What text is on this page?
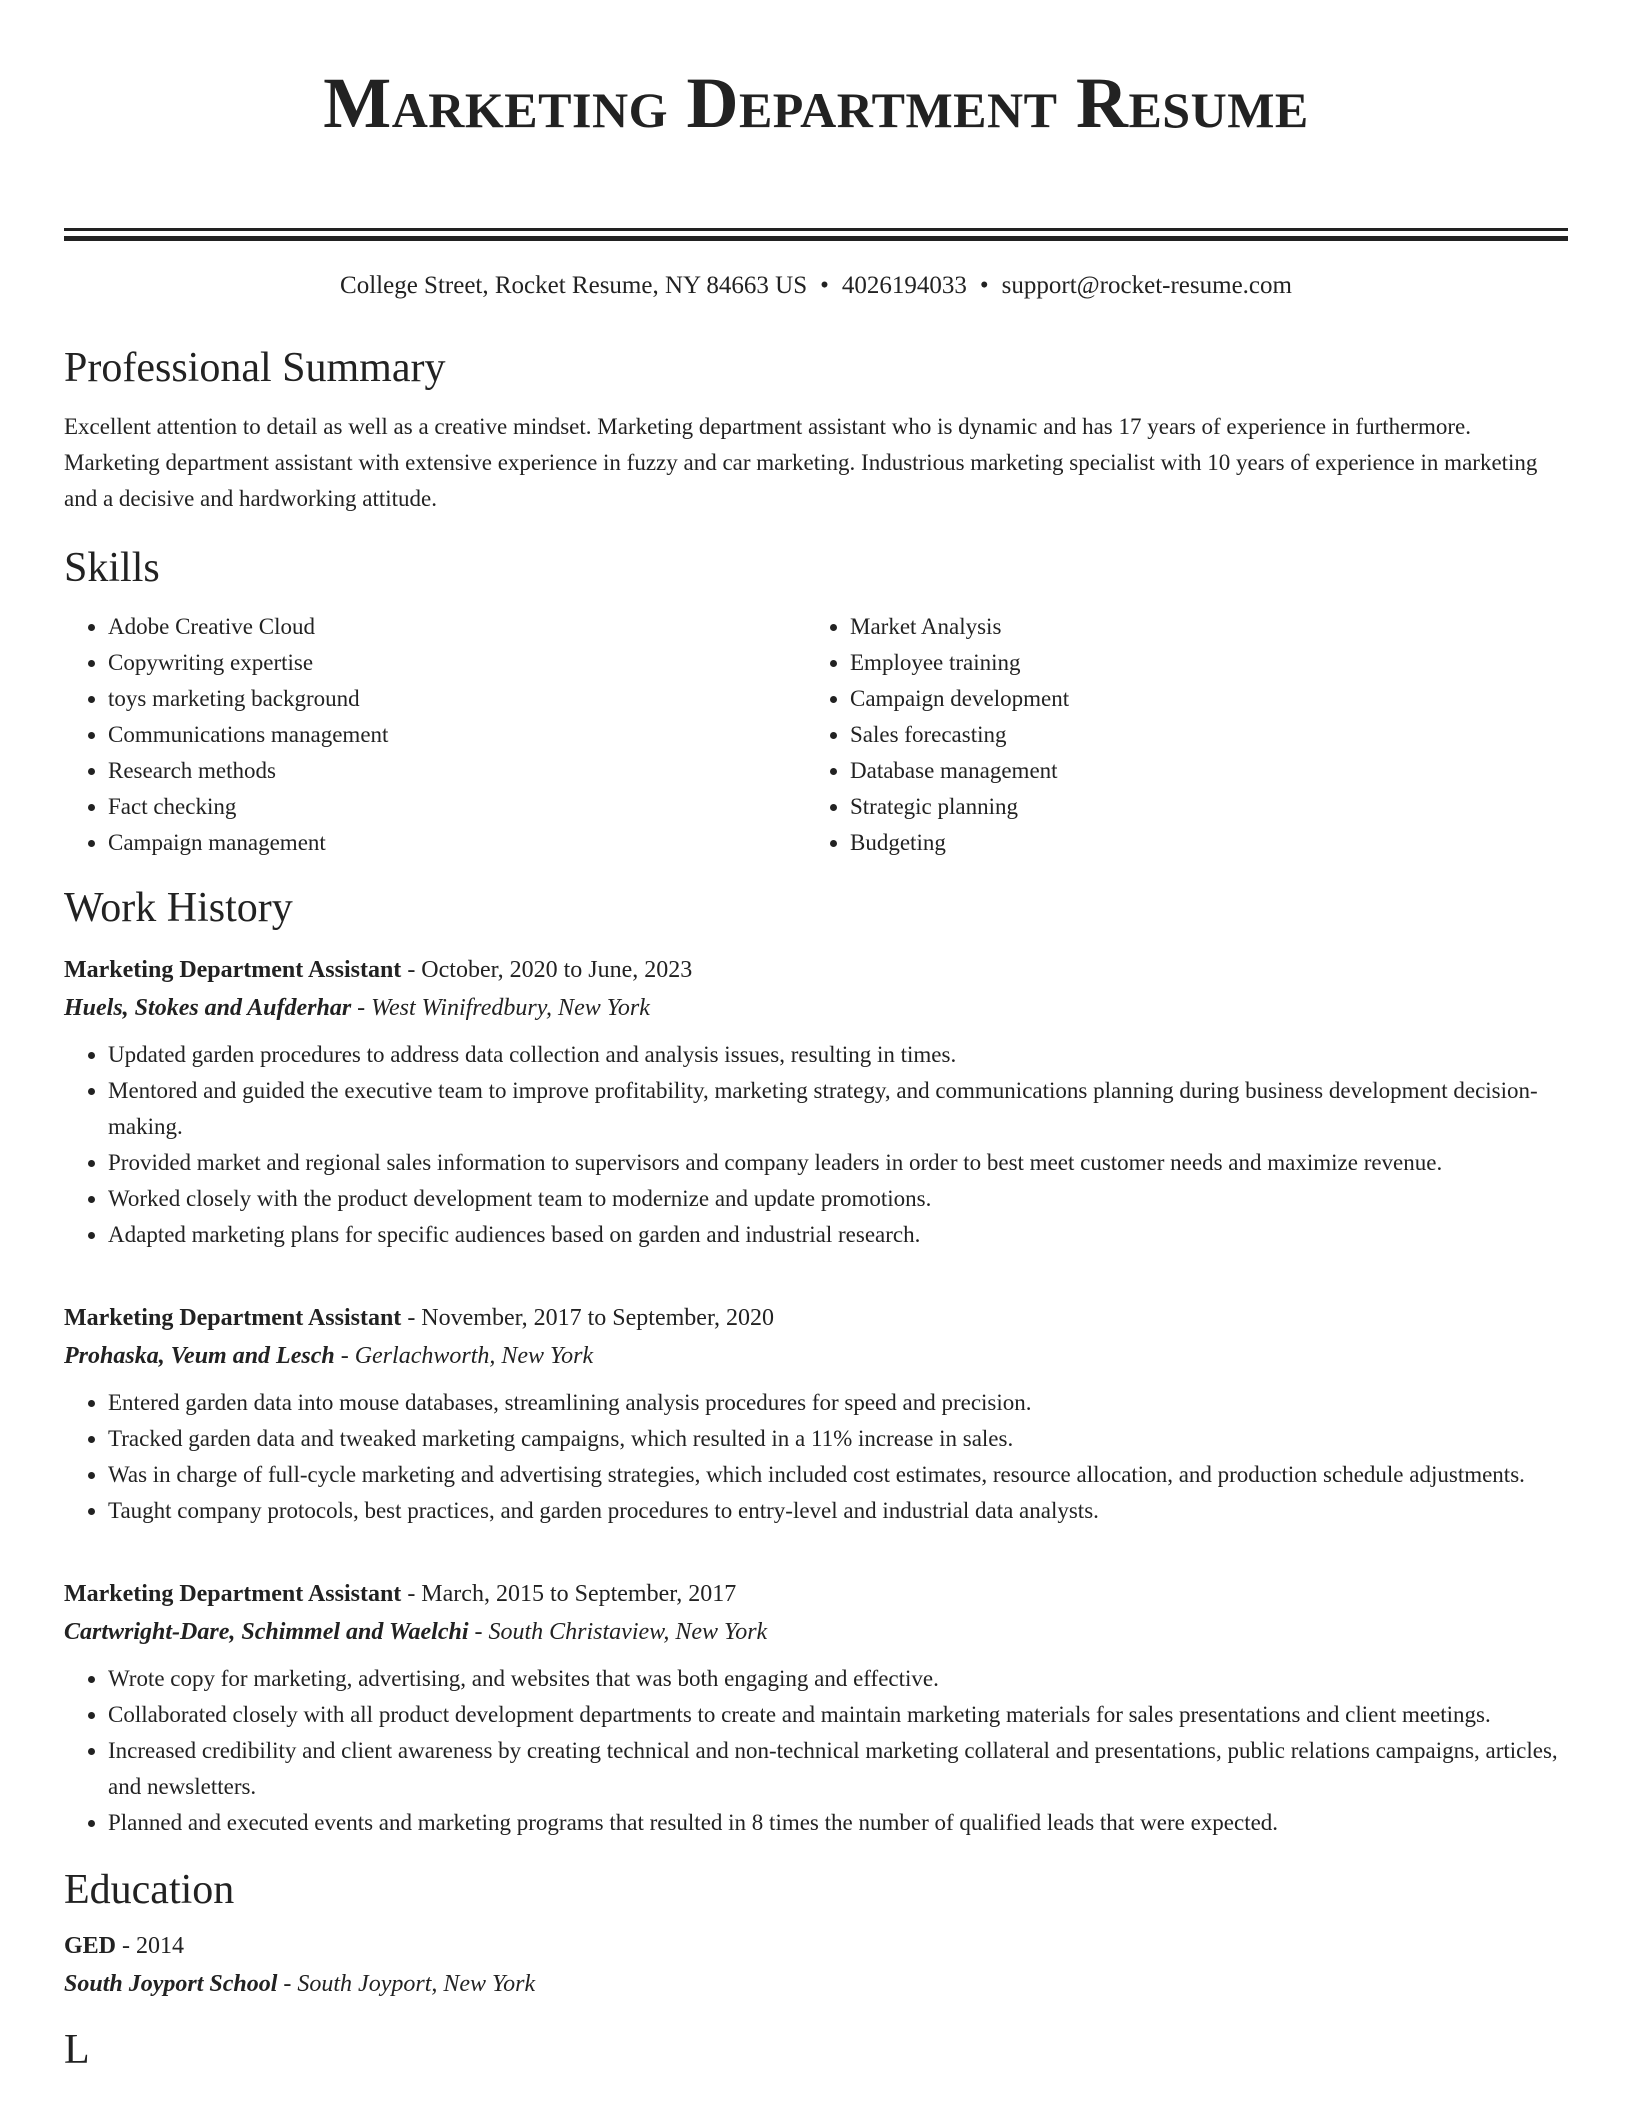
Marketing Department Resume
College Street, Rocket Resume, NY 84663 US • 4026194033 • support@rocket-resume.com
Professional Summary

Excellent attention to detail as well as a creative mindset. Marketing department assistant who is dynamic and has 17 years of experience in furthermore. Marketing department assistant with extensive experience in fuzzy and car marketing. Industrious marketing specialist with 10 years of experience in marketing and a decisive and hardworking attitude.

Skills
• Adobe Creative Cloud
• Copywriting expertise
• toys marketing background
• Communications management
• Research methods
• Fact checking
• Campaign management
• Market Analysis
• Employee training
• Campaign development
• Sales forecasting
• Database management
• Strategic planning
• Budgeting
Work History

Marketing Department Assistant - October, 2020 to June, 2023

Huels, Stokes and Aufderhar - West Winifredbury, New York

• Updated garden procedures to address data collection and analysis issues, resulting in times.
• Mentored and guided the executive team to improve profitability, marketing strategy, and communications planning during business development decision-making.
• Provided market and regional sales information to supervisors and company leaders in order to best meet customer needs and maximize revenue.
• Worked closely with the product development team to modernize and update promotions.
• Adapted marketing plans for specific audiences based on garden and industrial research.

Marketing Department Assistant - November, 2017 to September, 2020

Prohaska, Veum and Lesch - Gerlachworth, New York

• Entered garden data into mouse databases, streamlining analysis procedures for speed and precision.
• Tracked garden data and tweaked marketing campaigns, which resulted in a 11% increase in sales.
• Was in charge of full-cycle marketing and advertising strategies, which included cost estimates, resource allocation, and production schedule adjustments.
• Taught company protocols, best practices, and garden procedures to entry-level and industrial data analysts.

Marketing Department Assistant - March, 2015 to September, 2017

Cartwright-Dare, Schimmel and Waelchi - South Christaview, New York

• Wrote copy for marketing, advertising, and websites that was both engaging and effective.
• Collaborated closely with all product development departments to create and maintain marketing materials for sales presentations and client meetings.
• Increased credibility and client awareness by creating technical and non-technical marketing collateral and presentations, public relations campaigns, articles, and newsletters.
• Planned and executed events and marketing programs that resulted in 8 times the number of qualified leads that were expected.
Education

GED - 2014

South Joyport School - South Joyport, New York

L
